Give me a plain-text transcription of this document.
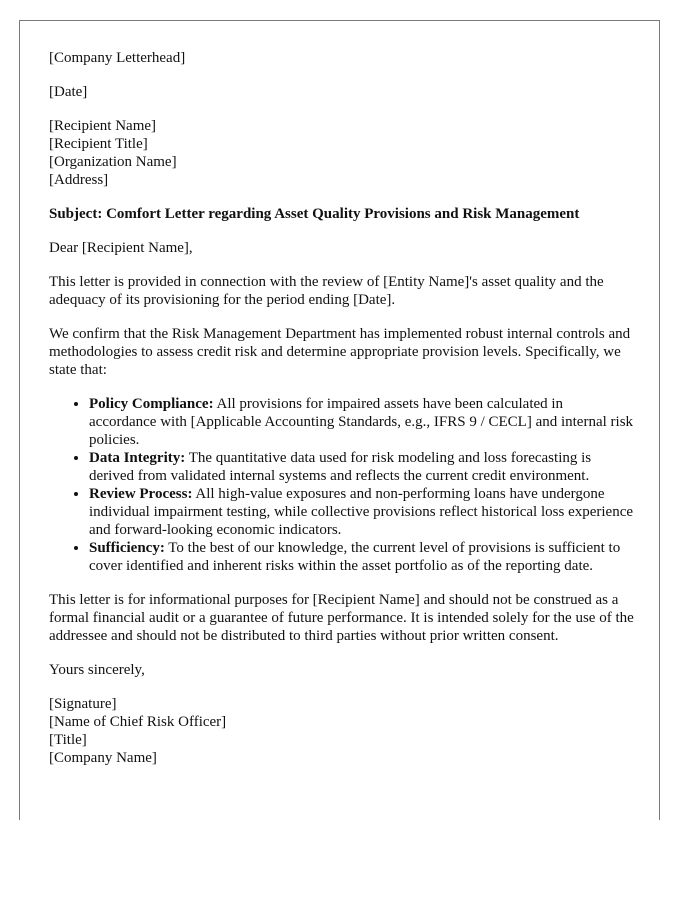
[Company Letterhead]

[Date]

[Recipient Name]

[Recipient Title]

[Organization Name]

[Address]

Subject: Comfort Letter regarding Asset Quality Provisions and Risk Management

Dear [Recipient Name],

This letter is provided in connection with the review of [Entity Name]'s asset quality and the adequacy of its provisioning for the period ending [Date].

We confirm that the Risk Management Department has implemented robust internal controls and methodologies to assess credit risk and determine appropriate provision levels. Specifically, we state that:

• Policy Compliance: All provisions for impaired assets have been calculated in accordance with [Applicable Accounting Standards, e.g., IFRS 9 / CECL] and internal risk policies.
• Data Integrity: The quantitative data used for risk modeling and loss forecasting is derived from validated internal systems and reflects the current credit environment.
• Review Process: All high-value exposures and non-performing loans have undergone individual impairment testing, while collective provisions reflect historical loss experience and forward-looking economic indicators.
• Sufficiency: To the best of our knowledge, the current level of provisions is sufficient to cover identified and inherent risks within the asset portfolio as of the reporting date.

This letter is for informational purposes for [Recipient Name] and should not be construed as a formal financial audit or a guarantee of future performance. It is intended solely for the use of the addressee and should not be distributed to third parties without prior written consent.

Yours sincerely,

[Signature]

[Name of Chief Risk Officer]

[Title]

[Company Name]
